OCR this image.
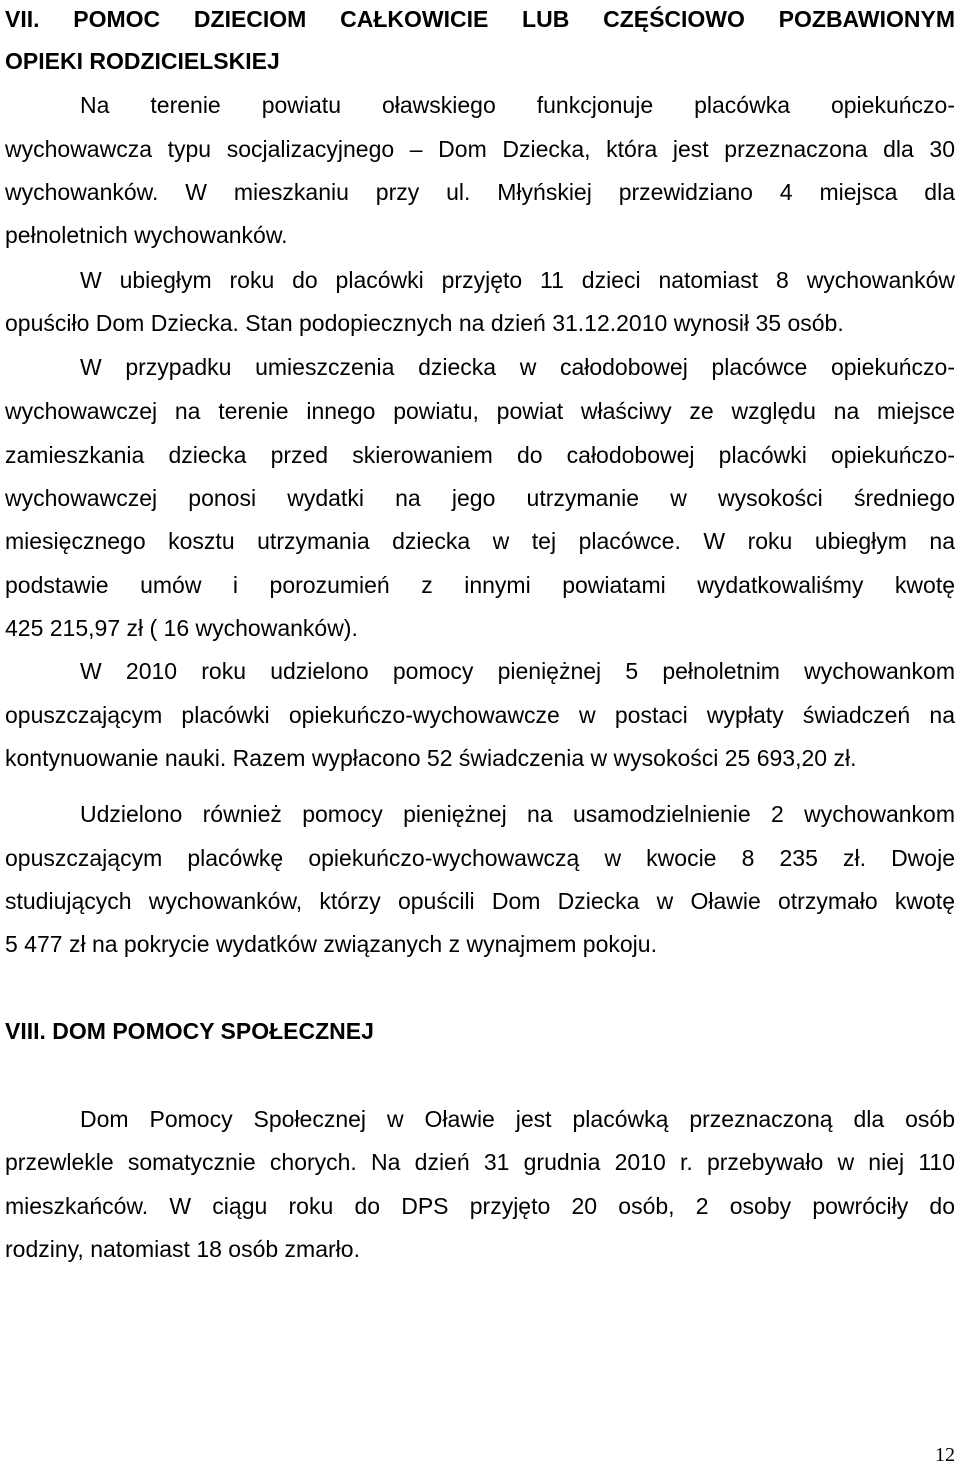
VII. POMOC DZIECIOM CAŁKOWICIE LUB CZĘŚCIOWO POZBAWIONYM
OPIEKI RODZICIELSKIEJ
Na terenie powiatu oławskiego funkcjonuje placówka opiekuńczo-
wychowawcza typu socjalizacyjnego – Dom Dziecka, która jest przeznaczona dla 30
wychowanków. W mieszkaniu przy ul. Młyńskiej przewidziano 4 miejsca dla
pełnoletnich wychowanków.
W ubiegłym roku do placówki przyjęto 11 dzieci natomiast 8 wychowanków
opuściło Dom Dziecka. Stan podopiecznych na dzień 31.12.2010 wynosił 35 osób.
W przypadku umieszczenia dziecka w całodobowej placówce opiekuńczo-
wychowawczej na terenie innego powiatu, powiat właściwy ze względu na miejsce
zamieszkania dziecka przed skierowaniem do całodobowej placówki opiekuńczo-
wychowawczej ponosi wydatki na jego utrzymanie w wysokości średniego
miesięcznego kosztu utrzymania dziecka w tej placówce. W roku ubiegłym na
podstawie umów i porozumień z innymi powiatami wydatkowaliśmy kwotę
425 215,97 zł ( 16 wychowanków).
W 2010 roku udzielono pomocy pieniężnej 5 pełnoletnim wychowankom
opuszczającym placówki opiekuńczo-wychowawcze w postaci wypłaty świadczeń na
kontynuowanie nauki. Razem wypłacono 52 świadczenia w wysokości 25 693,20 zł.
Udzielono również pomocy pieniężnej na usamodzielnienie 2 wychowankom
opuszczającym placówkę opiekuńczo-wychowawczą w kwocie 8 235 zł. Dwoje
studiujących wychowanków, którzy opuścili Dom Dziecka w Oławie otrzymało kwotę
5 477 zł na pokrycie wydatków związanych z wynajmem pokoju.
VIII. DOM POMOCY SPOŁECZNEJ
Dom Pomocy Społecznej w Oławie jest placówką przeznaczoną dla osób
przewlekle somatycznie chorych. Na dzień 31 grudnia 2010 r. przebywało w niej 110
mieszkańców. W ciągu roku do DPS przyjęto 20 osób, 2 osoby powróciły do
rodziny, natomiast 18 osób zmarło.
12
